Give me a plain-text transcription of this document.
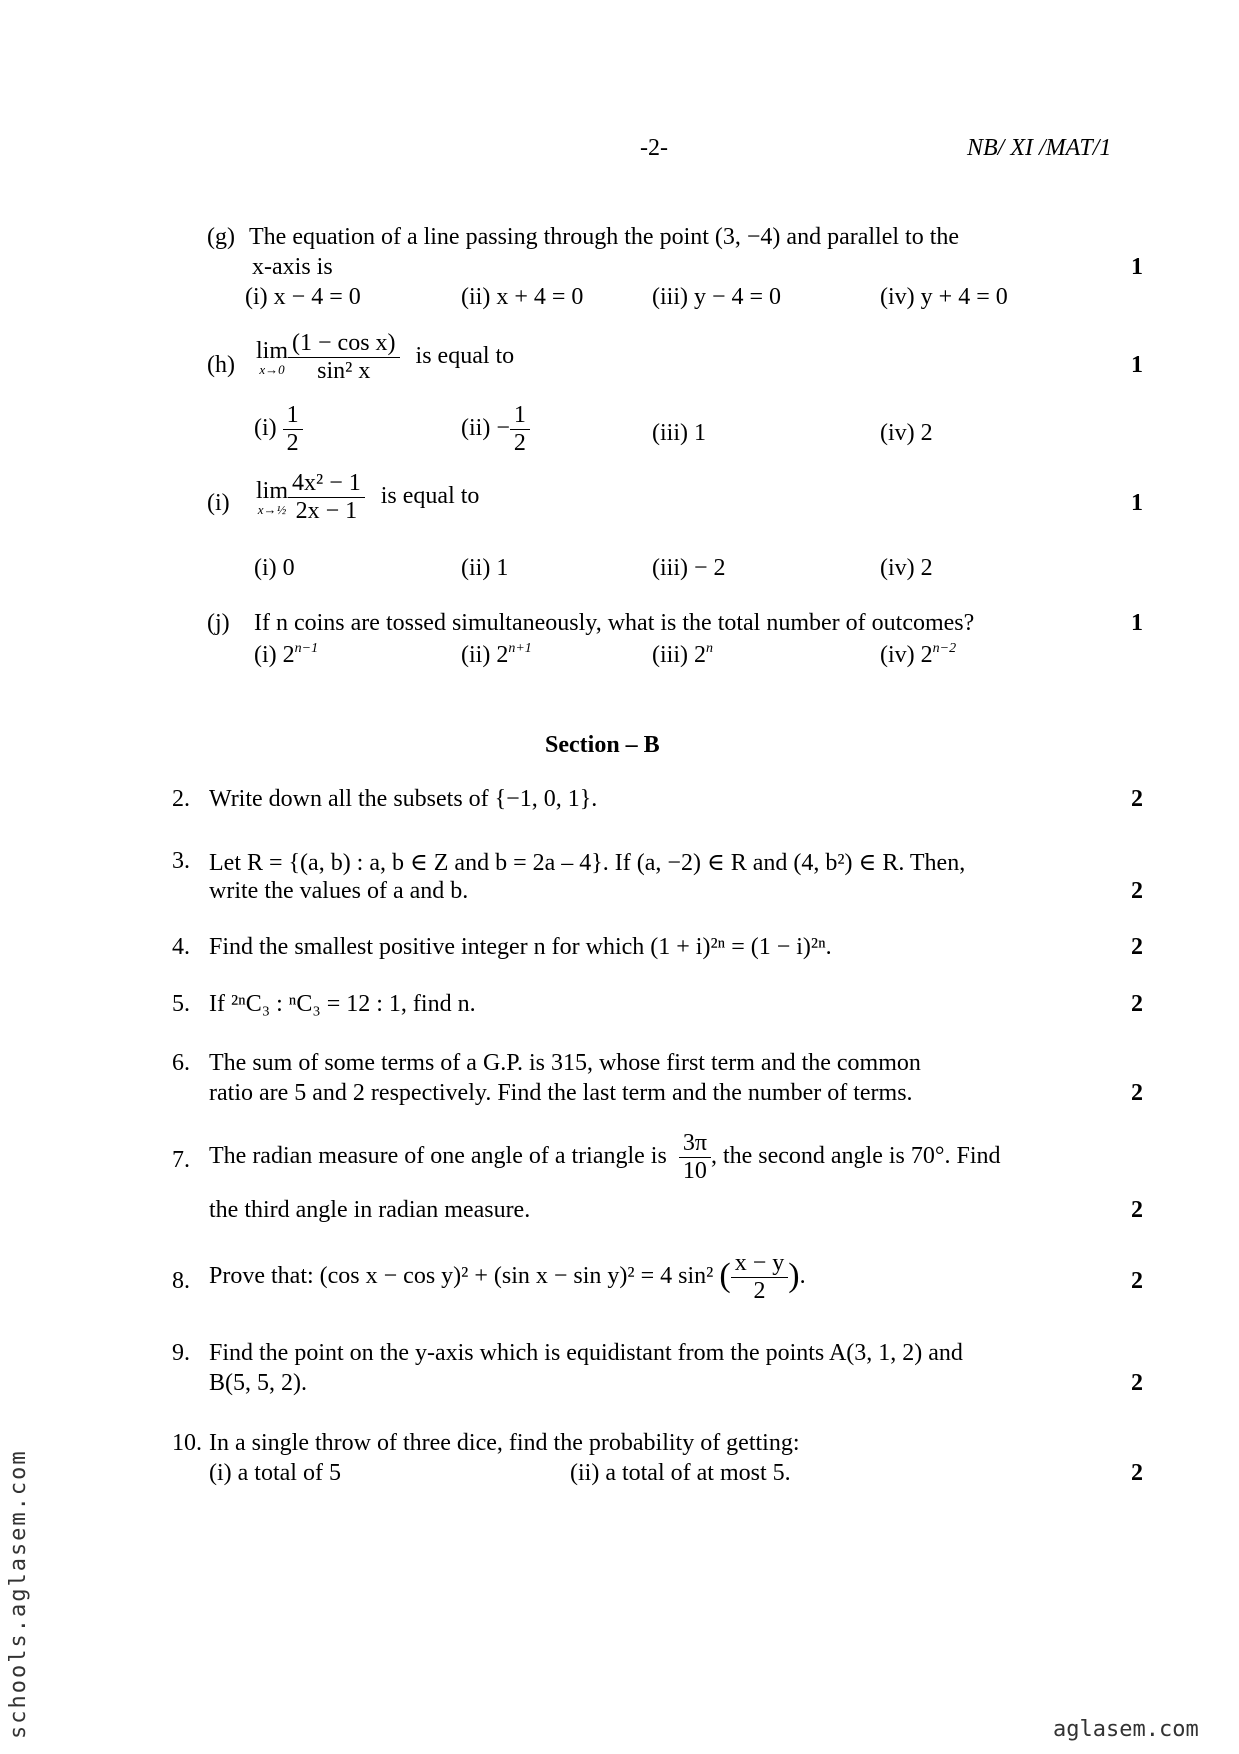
-2-	NB/ XI /MAT/1
(g) The equation of a line passing through the point (3, −4) and parallel to the
x-axis is	1
(i) x − 4 = 0	(ii) x + 4 = 0	(iii) y − 4 = 0	(iv) y + 4 = 0
(h)
lim
$x\to 0 \frac{\text{(1 − cos x)}}{\text{sin² x}}$ is equal to	1
$(i) \frac{1}{2}$	$(ii) - \frac{1}{2}$	(iii) 1	(iv) 2
(i) lim
x→½ $\frac{\text{4x² − 1}}{2x - 1}$ is equal to	1
(i) 0	(ii) 1	(iii) − 2	(iv) 2
(j) If n coins are tossed simultaneously, what is the total number of outcomes?	1
(i) $2^{n-1}$	(ii) $2^{n+1}$	(iii) 2$^n$	(iv) $2^{n-2}$
Section – B
2. Write down all the subsets of {−1, 0, 1}.	2
3. Let R = {(a, b) : a, b ∈ Z and b = 2a – 4}. If (a, −2) ∈ R and (4, b²) ∈ R. Then,
write the values of a and b.	2
4. Find the smallest positive integer n for which (1 + i)²ⁿ = (1 − i)²ⁿ.	2
5. If ²ⁿC₃ : ⁿC₃ = 12 : 1, find n.	2
6. The sum of some terms of a G.P. is 315, whose first term and the common
ratio are 5 and 2 respectively. Find the last term and the number of terms.	2
7. The radian measure of one angle of a triangle is $\frac{3\pi}{10}$ , the second angle is 70°. Find
the third angle in radian measure.	2
8. Prove that: (cos x − cos y)² + (sin x − sin y)² = 4 sin² ( $\frac{x - y}{2}$ ).	2
9. Find the point on the y-axis which is equidistant from the points A(3, 1, 2) and
B(5, 5, 2).	2
10. In a single throw of three dice, find the probability of getting:
(i) a total of 5	(ii) a total of at most 5.	2
schools.aglasem.com	aglasem.com
